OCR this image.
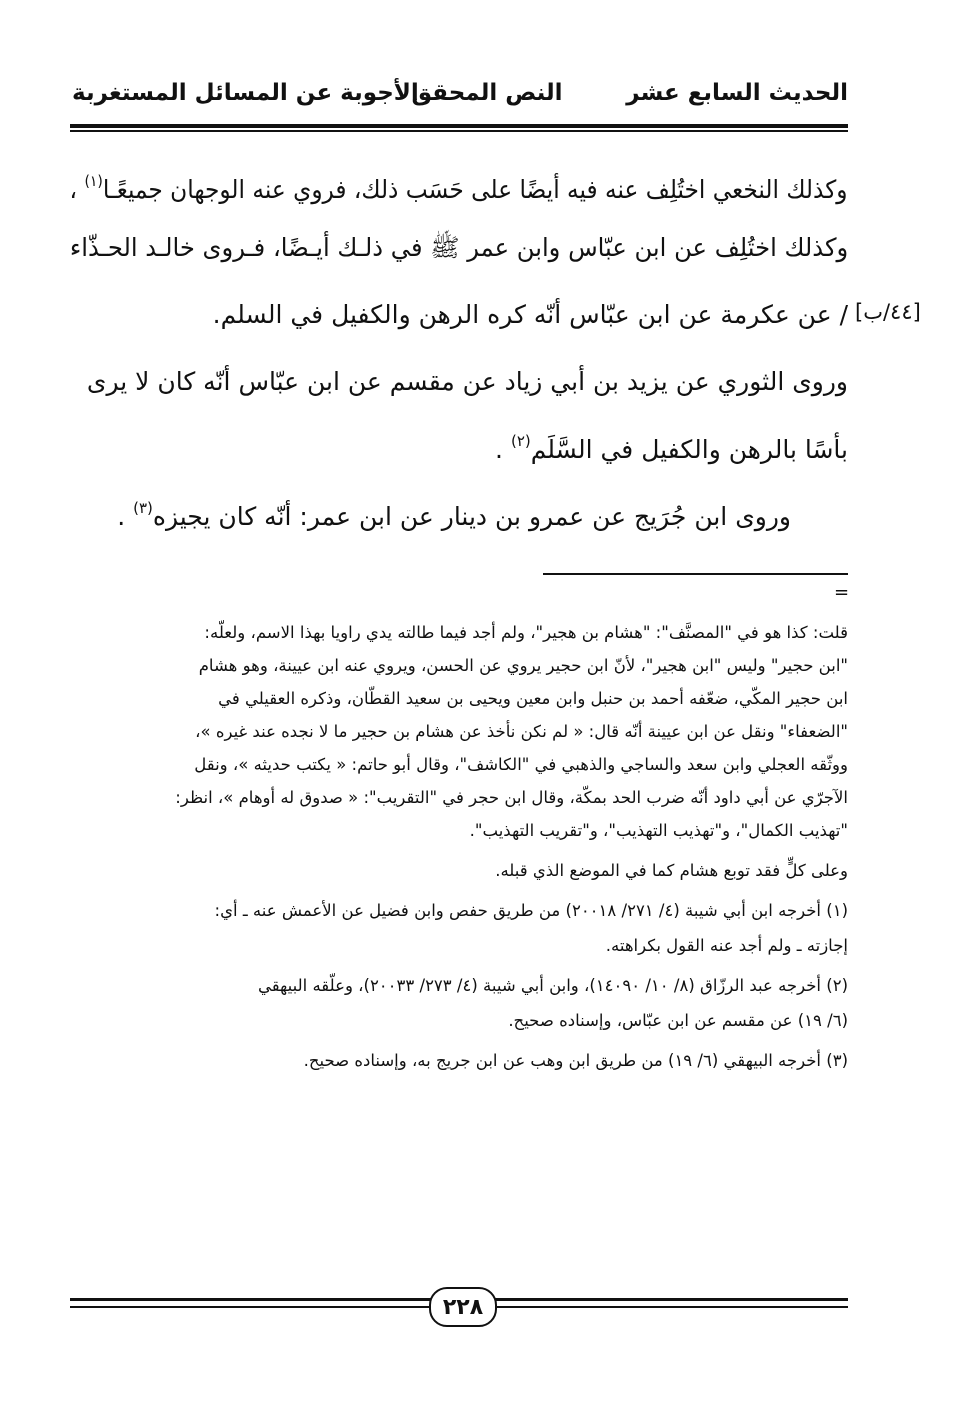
الحديث السابع عشر
النص المحقق
الأجوبة عن المسائل المستغربة
وكذلك النخعي اختُلِف عنه فيه أيضًا على حَسَب ذلك، فروي عنه الوجهان جميعًـا$^{(١)}$ ،
وكذلك اختُلِف عن ابن عبّاس وابن عمر ﷺ في ذلـك أيـضًا، فـروى خالـد الحـذّاء
[٤٤/ب]
/ عن عكرمة عن ابن عبّاس أنّه كره الرهن والكفيل في السلم.
وروى الثوري عن يزيد بن أبي زياد عن مقسم عن ابن عبّاس أنّه كان لا يرى
بأسًا بالرهن والكفيل في السَّلَم$^{(٢)}$ .
وروى ابن جُرَيج عن عمرو بن دينار عن ابن عمر: أنّه كان يجيزه$^{(٣)}$ .
=
قلت: كذا هو في "المصنَّف": "هشام بن هجير"، ولم أجد فيما طالته يدي راويا بهذا الاسم، ولعلّه:
"ابن حجير" وليس "ابن هجير"، لأنّ ابن حجير يروي عن الحسن، ويروي عنه ابن عيينة، وهو هشام
ابن حجير المكّي، ضعّفه أحمد بن حنبل وابن معين ويحيى بن سعيد القطّان، وذكره العقيلي في
"الضعفاء" ونقل عن ابن عيينة أنّه قال: « لم نكن نأخذ عن هشام بن حجير ما لا نجده عند غيره »،
ووثّقه العجلي وابن سعد والساجي والذهبي في "الكاشف"، وقال أبو حاتم: « يكتب حديثه »، ونقل
الآجرّي عن أبي داود أنّه ضرب الحد بمكّة، وقال ابن حجر في "التقريب": « صدوق له أوهام »، انظر:
"تهذيب الكمال"، و"تهذيب التهذيب"، و"تقريب التهذيب".
وعلى كلٍّ فقد توبع هشام كما في الموضع الذي قبله.
(١) أخرجه ابن أبي شيبة (٤/ ٢٧١/ ٢٠٠١٨) من طريق حفص وابن فضيل عن الأعمش عنه ـ أي:
إجازته ـ ولم أجد عنه القول بكراهته.
(٢) أخرجه عبد الرزّاق (٨/ ١٠/ ١٤٠٩٠)، وابن أبي شيبة (٤/ ٢٧٣/ ٢٠٠٣٣)، وعلّقه البيهقي
(٦/ ١٩) عن مقسم عن ابن عبّاس، وإسناده صحيح.
(٣) أخرجه البيهقي (٦/ ١٩) من طريق ابن وهب عن ابن جريج به، وإسناده صحيح.
٢٢٨
